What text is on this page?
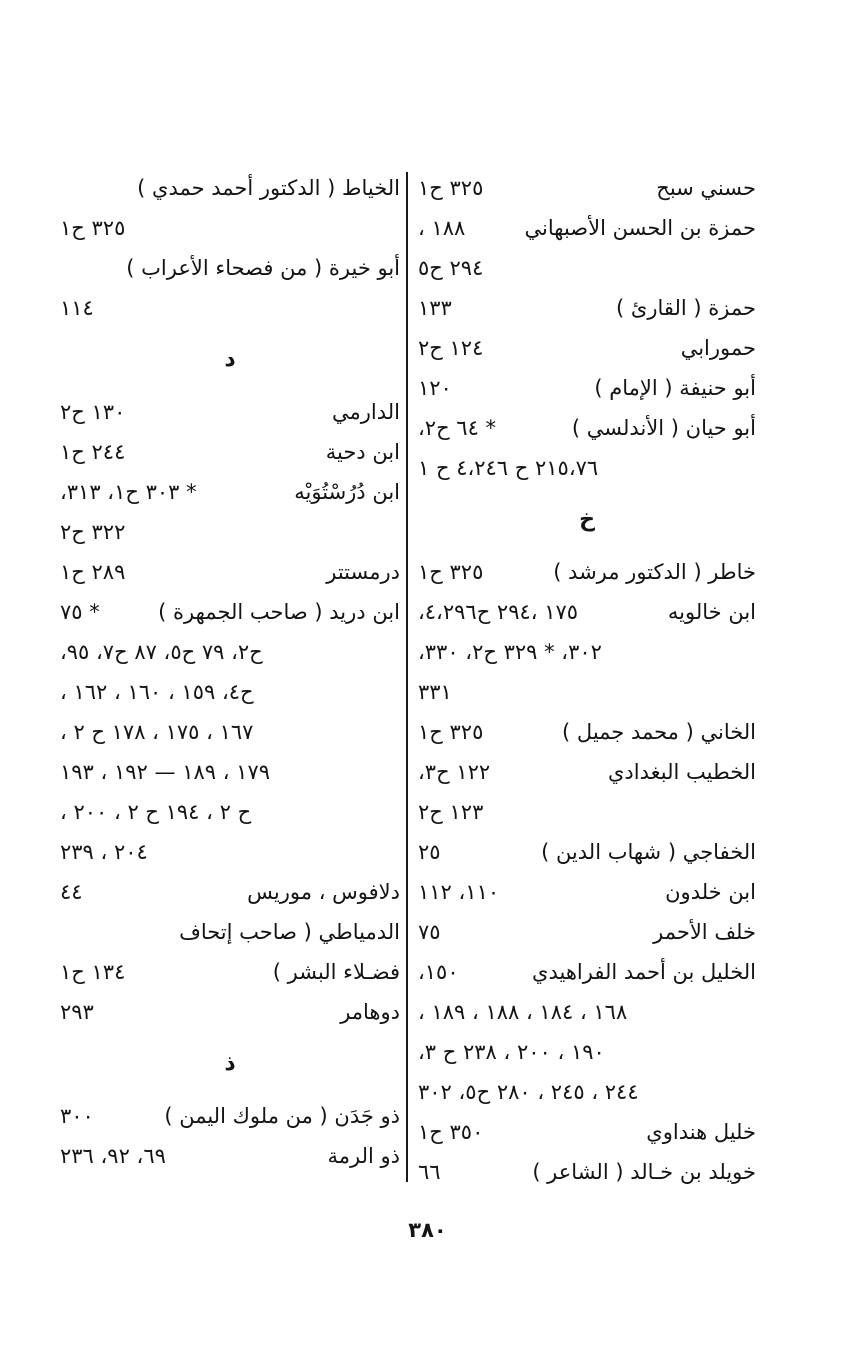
حسني سبح
٣٢٥ ح١
حمزة بن الحسن الأصبهاني
١٨٨ ،
٢٩٤ ح٥
حمزة ( القارئ )
١٣٣
حمورابي
١٢٤ ح٢
أبو حنيفة ( الإمام )
١٢٠
أبو حيان ( الأندلسي )
* ٦٤ ح٢،
٢١٥،٧٦ ح ٤،٢٤٦ ح ١
خ
خاطر ( الدكتور مرشد )
٣٢٥ ح١
ابن خالويه
١٧٥ ،٢٩٤ ح٤،٢٩٦،
٣٠٢، * ٣٢٩ ح٢، ٣٣٠،
٣٣١
الخاني ( محمد جميل )
٣٢٥ ح١
الخطيب البغدادي
١٢٢ ح٣،
١٢٣ ح٢
الخفاجي ( شهاب الدين )
٢٥
ابن خلدون
١١٠، ١١٢
خلف الأحمر
٧٥
الخليل بن أحمد الفراهيدي
١٥٠،
١٦٨ ، ١٨٤ ، ١٨٨ ، ١٨٩ ،
١٩٠ ، ٢٠٠ ، ٢٣٨ ح ٣،
٢٤٤ ، ٢٤٥ ، ٢٨٠ ح٥، ٣٠٢
خليل هنداوي
٣٥٠ ح١
خويلد بن خـالد ( الشاعر )
٦٦
الخياط ( الدكتور أحمد حمدي )
٣٢٥ ح١
أبو خيرة ( من فصحاء الأعراب )
١١٤
د
الدارمي
١٣٠ ح٢
ابن دحية
٢٤٤ ح١
ابن دُرُسْتُوَيْه
* ٣٠٣ ح١، ٣١٣،
٣٢٢ ح٢
درمستتر
٢٨٩ ح١
ابن دريد ( صاحب الجمهرة )
* ٧٥
ح٢، ٧٩ ح٥، ٨٧ ح٧، ٩٥،
ح٤، ١٥٩ ، ١٦٠ ، ١٦٢ ،
١٦٧ ، ١٧٥ ، ١٧٨ ح ٢ ،
١٧٩ ، ١٨٩ — ١٩٢ ، ١٩٣
ح ٢ ، ١٩٤ ح ٢ ، ٢٠٠ ،
٢٠٤ ، ٢٣٩
دلافوس ، موريس
٤٤
الدمياطي ( صاحب إتحاف
فضـلاء البشر )
١٣٤ ح١
دوهامر
٢٩٣
ذ
ذو جَدَن ( من ملوك اليمن )
٣٠٠
ذو الرمة
٦٩، ٩٢، ٢٣٦
٣٨٠
